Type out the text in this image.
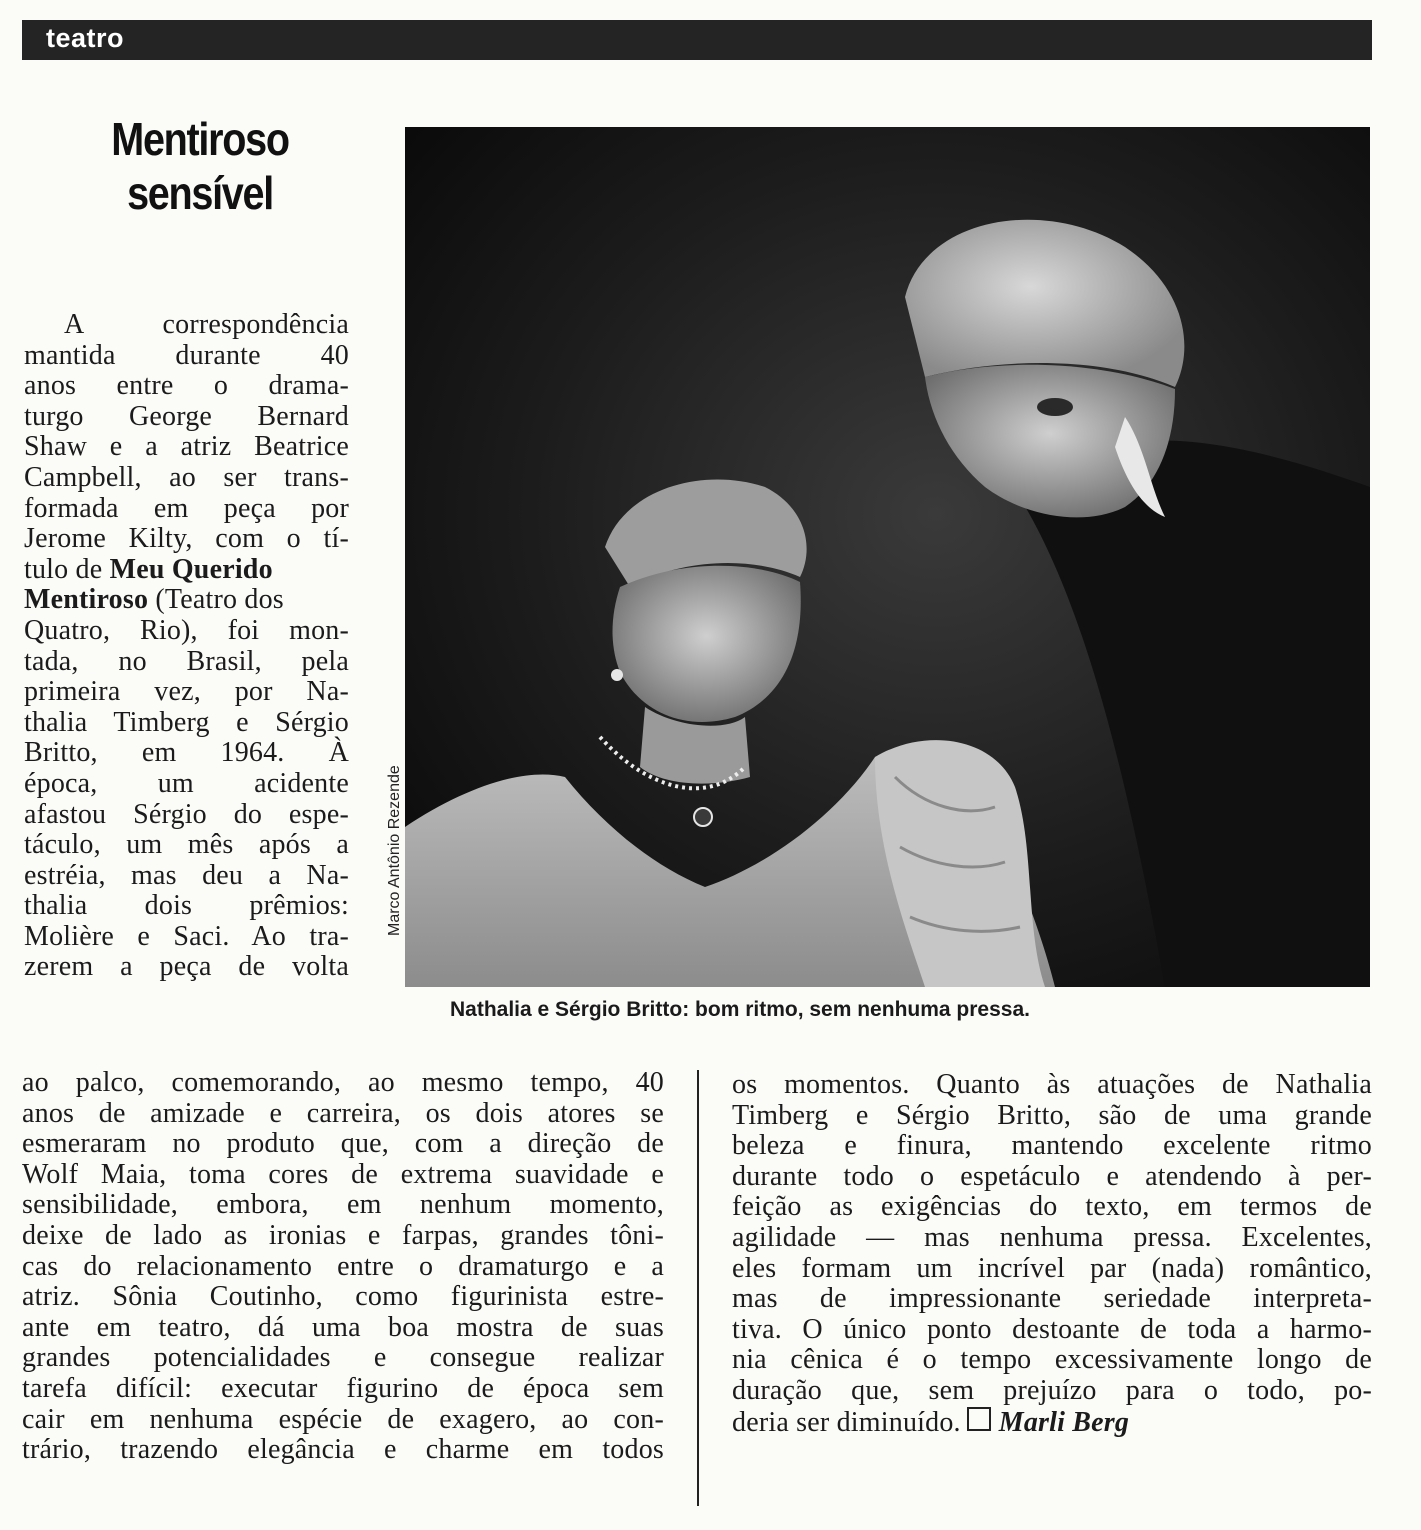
teatro
Mentiroso
sensível
Marco Antônio Rezende
Nathalia e Sérgio Britto: bom ritmo, sem nenhuma pressa.
A correspondência
mantida durante 40
anos entre o drama-
turgo George Bernard
Shaw e a atriz Beatrice
Campbell, ao ser trans-
formada em peça por
Jerome Kilty, com o tí-
tulo de Meu Querido
Mentiroso (Teatro dos
Quatro, Rio), foi mon-
tada, no Brasil, pela
primeira vez, por Na-
thalia Timberg e Sérgio
Britto, em 1964. À
época, um acidente
afastou Sérgio do espe-
táculo, um mês após a
estréia, mas deu a Na-
thalia dois prêmios:
Molière e Saci. Ao tra-
zerem a peça de volta
ao palco, comemorando, ao mesmo tempo, 40
anos de amizade e carreira, os dois atores se
esmeraram no produto que, com a direção de
Wolf Maia, toma cores de extrema suavidade e
sensibilidade, embora, em nenhum momento,
deixe de lado as ironias e farpas, grandes tôni-
cas do relacionamento entre o dramaturgo e a
atriz. Sônia Coutinho, como figurinista estre-
ante em teatro, dá uma boa mostra de suas
grandes potencialidades e consegue realizar
tarefa difícil: executar figurino de época sem
cair em nenhuma espécie de exagero, ao con-
trário, trazendo elegância e charme em todos
os momentos. Quanto às atuações de Nathalia
Timberg e Sérgio Britto, são de uma grande
beleza e finura, mantendo excelente ritmo
durante todo o espetáculo e atendendo à per-
feição as exigências do texto, em termos de
agilidade — mas nenhuma pressa. Excelentes,
eles formam um incrível par (nada) romântico,
mas de impressionante seriedade interpreta-
tiva. O único ponto destoante de toda a harmo-
nia cênica é o tempo excessivamente longo de
duração que, sem prejuízo para o todo, po-
deria ser diminuído. Marli Berg
